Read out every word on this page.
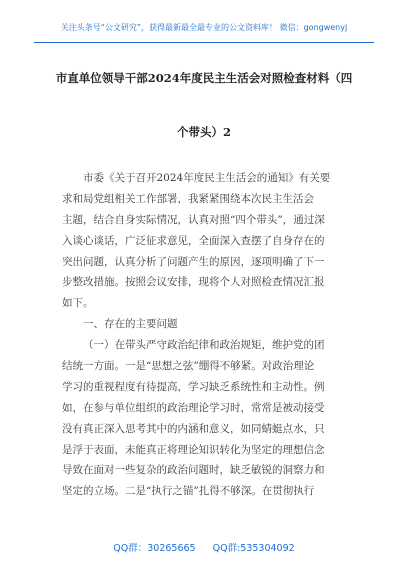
关注头条号“公文研究”，获得最新最全最专业的公文资料库！ 微信：gongwenyj
市直单位领导干部2024年度民主生活会对照检查材料（四
个带头）2
市委《关于召开2024年度民主生活会的通知》有关要
求和局党组相关工作部署，我紧紧围绕本次民主生活会
主题，结合自身实际情况，认真对照“四个带头”，通过深
入谈心谈话，广泛征求意见，全面深入查摆了自身存在的
突出问题，认真分析了问题产生的原因，逐项明确了下一
步整改措施。按照会议安排，现将个人对照检查情况汇报
如下。
一、存在的主要问题
（一）在带头严守政治纪律和政治规矩，维护党的团
结统一方面。一是“思想之弦”绷得不够紧。对政治理论
学习的重视程度有待提高，学习缺乏系统性和主动性。例
如，在参与单位组织的政治理论学习时，常常是被动接受
没有真正深入思考其中的内涵和意义，如同蜻蜓点水，只
是浮于表面，未能真正将理论知识转化为坚定的理想信念
导致在面对一些复杂的政治问题时，缺乏敏锐的洞察力和
坚定的立场。二是“执行之锚”扎得不够深。在贯彻执行
QQ群：30265665 QQ群:535304092
